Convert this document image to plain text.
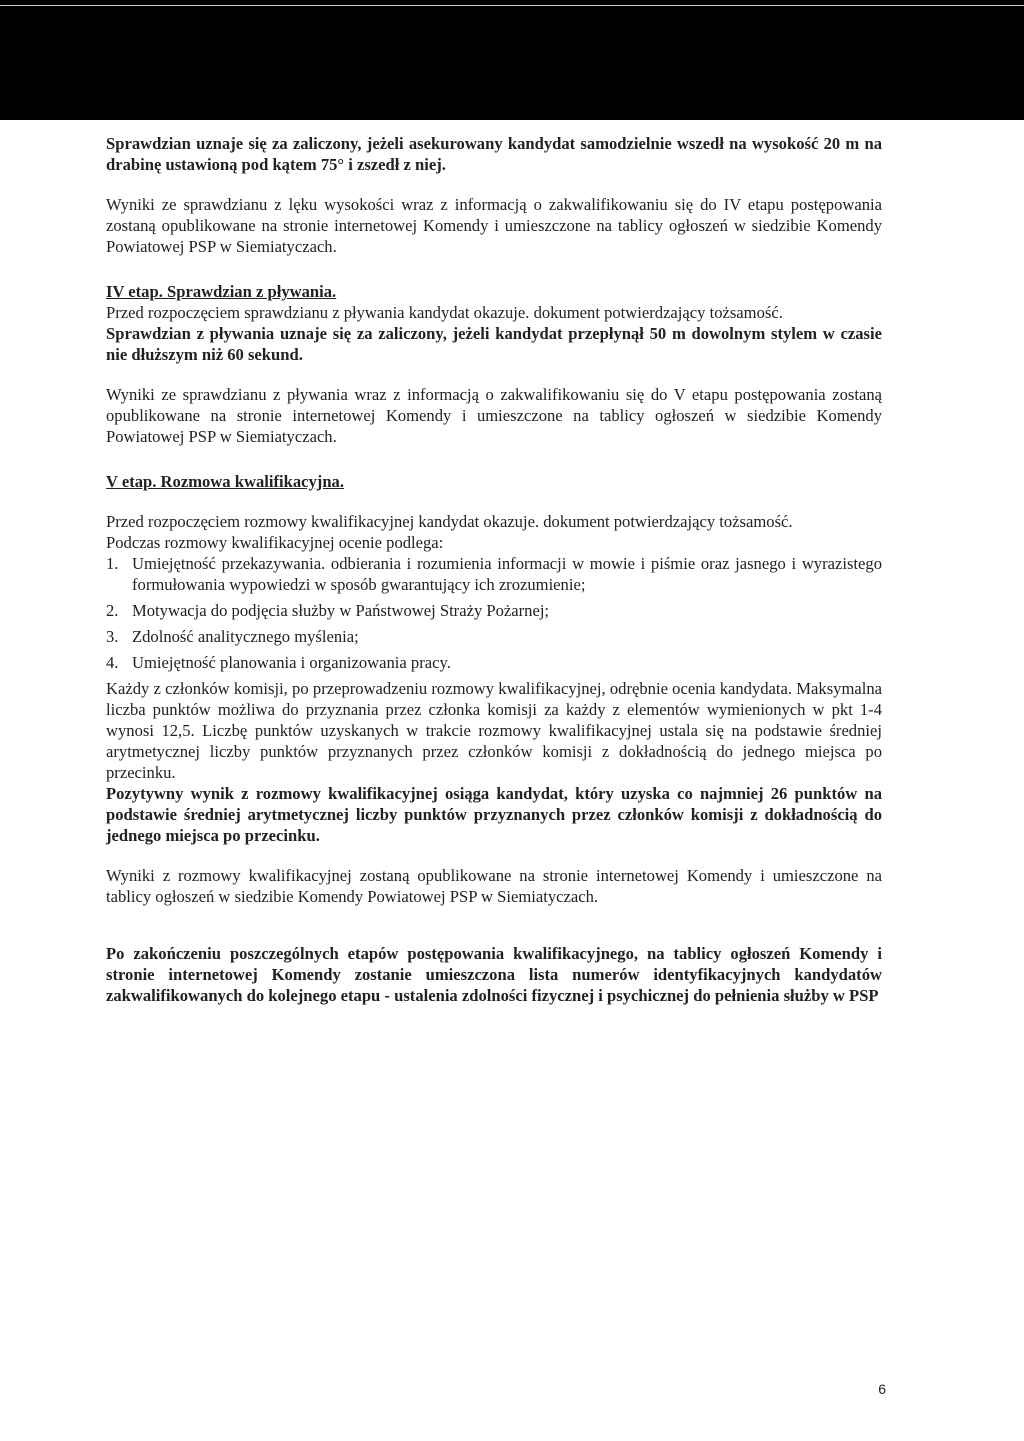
Sprawdzian uznaje się za zaliczony, jeżeli asekurowany kandydat samodzielnie wszedł na wysokość 20 m na drabinę ustawioną pod kątem 75° i zszedł z niej.

Wyniki ze sprawdzianu z lęku wysokości wraz z informacją o zakwalifikowaniu się do IV etapu postępowania zostaną opublikowane na stronie internetowej Komendy i umieszczone na tablicy ogłoszeń w siedzibie Komendy Powiatowej PSP w Siemiatyczach.

IV etap. Sprawdzian z pływania.

Przed rozpoczęciem sprawdzianu z pływania kandydat okazuje. dokument potwierdzający tożsamość.

Sprawdzian z pływania uznaje się za zaliczony, jeżeli kandydat przepłynął 50 m dowolnym stylem w czasie nie dłuższym niż 60 sekund.

Wyniki ze sprawdzianu z pływania wraz z informacją o zakwalifikowaniu się do V etapu postępowania zostaną opublikowane na stronie internetowej Komendy i umieszczone na tablicy ogłoszeń w siedzibie Komendy Powiatowej PSP w Siemiatyczach.

V etap. Rozmowa kwalifikacyjna.

Przed rozpoczęciem rozmowy kwalifikacyjnej kandydat okazuje. dokument potwierdzający tożsamość.

Podczas rozmowy kwalifikacyjnej ocenie podlega:

1. Umiejętność przekazywania. odbierania i rozumienia informacji w mowie i piśmie oraz jasnego i wyrazistego formułowania wypowiedzi w sposób gwarantujący ich zrozumienie;
2. Motywacja do podjęcia służby w Państwowej Straży Pożarnej;
3. Zdolność analitycznego myślenia;
4. Umiejętność planowania i organizowania pracy.

Każdy z członków komisji, po przeprowadzeniu rozmowy kwalifikacyjnej, odrębnie ocenia kandydata. Maksymalna liczba punktów możliwa do przyznania przez członka komisji za każdy z elementów wymienionych w pkt 1-4 wynosi 12,5. Liczbę punktów uzyskanych w trakcie rozmowy kwalifikacyjnej ustala się na podstawie średniej arytmetycznej liczby punktów przyznanych przez członków komisji z dokładnością do jednego miejsca po przecinku.

Pozytywny wynik z rozmowy kwalifikacyjnej osiąga kandydat, który uzyska co najmniej 26 punktów na podstawie średniej arytmetycznej liczby punktów przyznanych przez członków komisji z dokładnością do jednego miejsca po przecinku.

Wyniki z rozmowy kwalifikacyjnej zostaną opublikowane na stronie internetowej Komendy i umieszczone na tablicy ogłoszeń w siedzibie Komendy Powiatowej PSP w Siemiatyczach.

Po zakończeniu poszczególnych etapów postępowania kwalifikacyjnego, na tablicy ogłoszeń Komendy i stronie internetowej Komendy zostanie umieszczona lista numerów identyfikacyjnych kandydatów zakwalifikowanych do kolejnego etapu - ustalenia zdolności fizycznej i psychicznej do pełnienia służby w PSP

6
